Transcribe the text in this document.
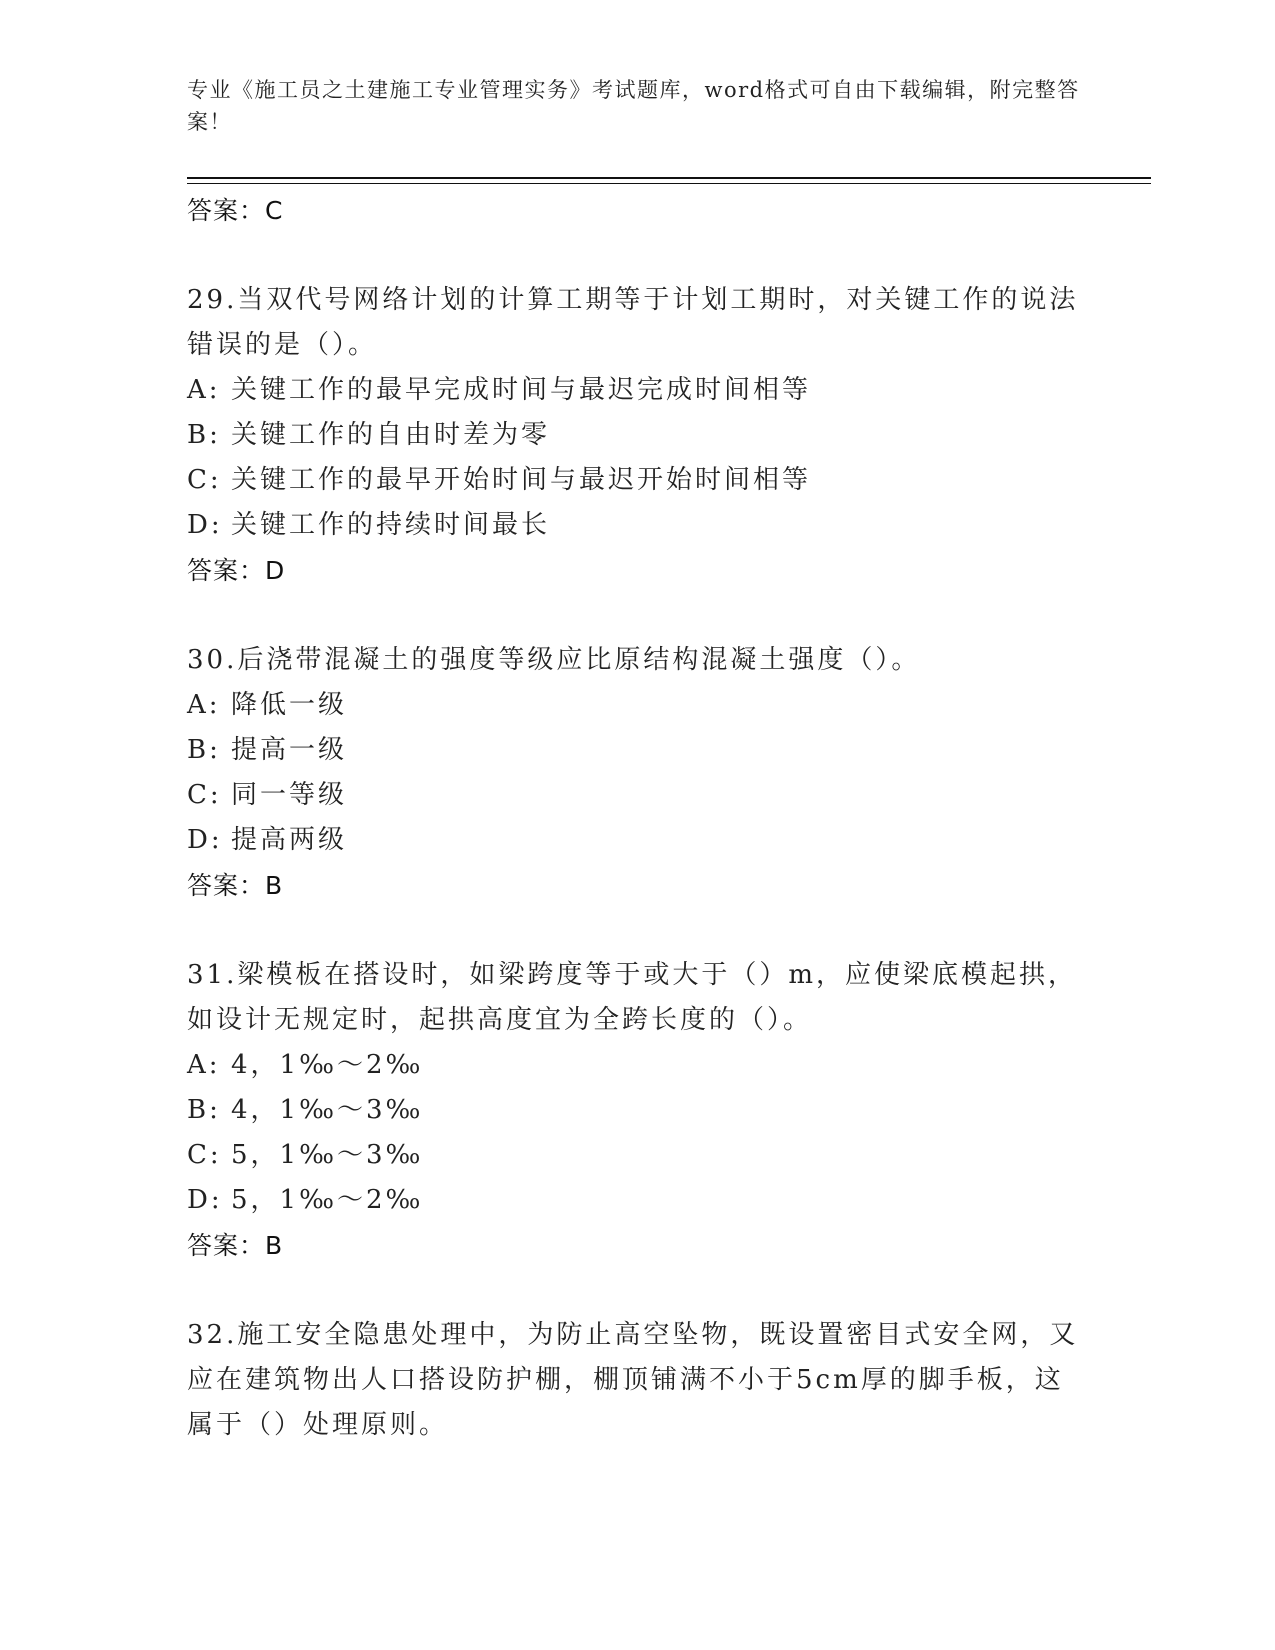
专业《施工员之土建施工专业管理实务》考试题库，word格式可自由下载编辑，附完整答案！
答案：C
29.当双代号网络计划的计算工期等于计划工期时，对关键工作的说法错误的是（）。
A: 关键工作的最早完成时间与最迟完成时间相等
B: 关键工作的自由时差为零
C: 关键工作的最早开始时间与最迟开始时间相等
D: 关键工作的持续时间最长
答案：D
30.后浇带混凝土的强度等级应比原结构混凝土强度（）。
A: 降低一级
B: 提高一级
C: 同一等级
D: 提高两级
答案：B
31.梁模板在搭设时，如梁跨度等于或大于（）m，应使梁底模起拱，如设计无规定时，起拱高度宜为全跨长度的（）。
A: 4，1‰～2‰
B: 4，1‰～3‰
C: 5，1‰～3‰
D: 5，1‰～2‰
答案：B
32.施工安全隐患处理中，为防止高空坠物，既设置密目式安全网，又应在建筑物出人口搭设防护棚，棚顶铺满不小于5cm厚的脚手板，这属于（）处理原则。
